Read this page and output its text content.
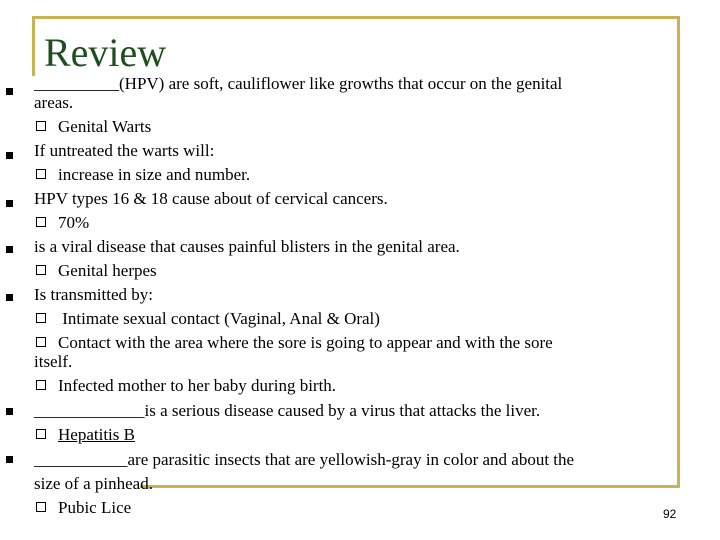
Review
__________(HPV) are soft, cauliflower like growths that occur on the genital
areas.
Genital Warts
If untreated the warts will:
increase in size and number.
HPV types 16 & 18 cause about of cervical cancers.
70%
is a viral disease that causes painful blisters in the genital area.
Genital herpes
Is transmitted by:
Intimate sexual contact (Vaginal, Anal & Oral)
Contact with the area where the sore is going to appear and with the sore
itself.
Infected mother to her baby during birth.
_____________is a serious disease caused by a virus that attacks the liver.
Hepatitis B
___________are parasitic insects that are yellowish-gray in color and about the
size of a pinhead.
Pubic Lice	92
